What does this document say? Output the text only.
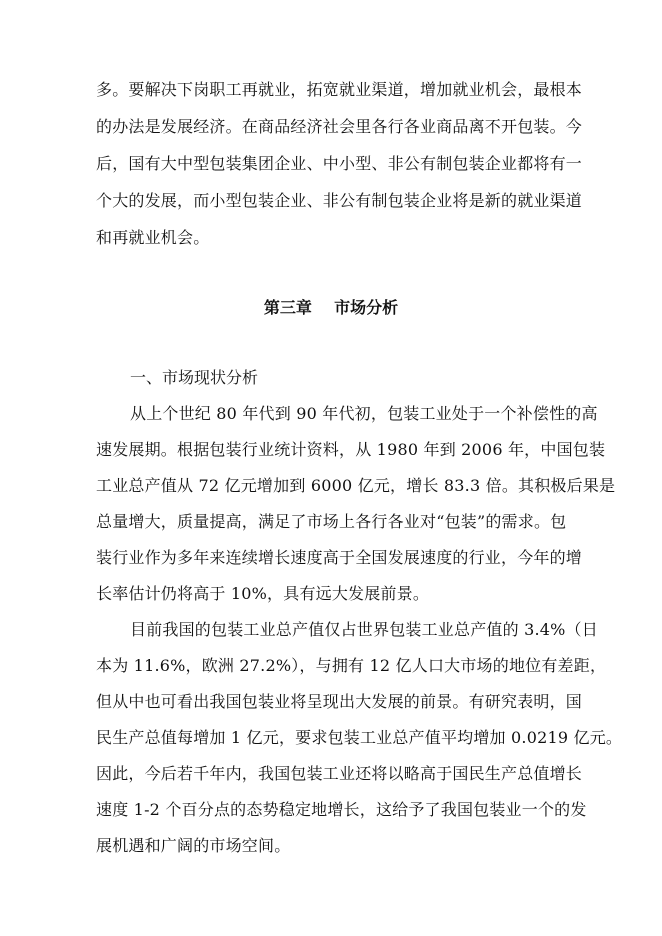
多。要解决下岗职工再就业，拓宽就业渠道，增加就业机会，最根本
的办法是发展经济。在商品经济社会里各行各业商品离不开包装。今
后，国有大中型包装集团企业、中小型、非公有制包装企业都将有一
个大的发展，而小型包装企业、非公有制包装企业将是新的就业渠道
和再就业机会。
第三章    市场分析
一、市场现状分析
从上个世纪 80 年代到 90 年代初，包装工业处于一个补偿性的高
速发展期。根据包装行业统计资料，从 1980 年到 2006 年，中国包装
工业总产值从 72 亿元增加到 6000 亿元，增长 83.3 倍。其积极后果是
总量增大，质量提高，满足了市场上各行各业对“包装”的需求。包
装行业作为多年来连续增长速度高于全国发展速度的行业，今年的增
长率估计仍将高于 10%，具有远大发展前景。
目前我国的包装工业总产值仅占世界包装工业总产值的 3.4%（日
本为 11.6%，欧洲 27.2%），与拥有 12 亿人口大市场的地位有差距，
但从中也可看出我国包装业将呈现出大发展的前景。有研究表明，国
民生产总值每增加 1 亿元，要求包装工业总产值平均增加 0.0219 亿元。
因此，今后若千年内，我国包装工业还将以略高于国民生产总值增长
速度 1-2 个百分点的态势稳定地增长，这给予了我国包装业一个的发
展机遇和广阔的市场空间。
